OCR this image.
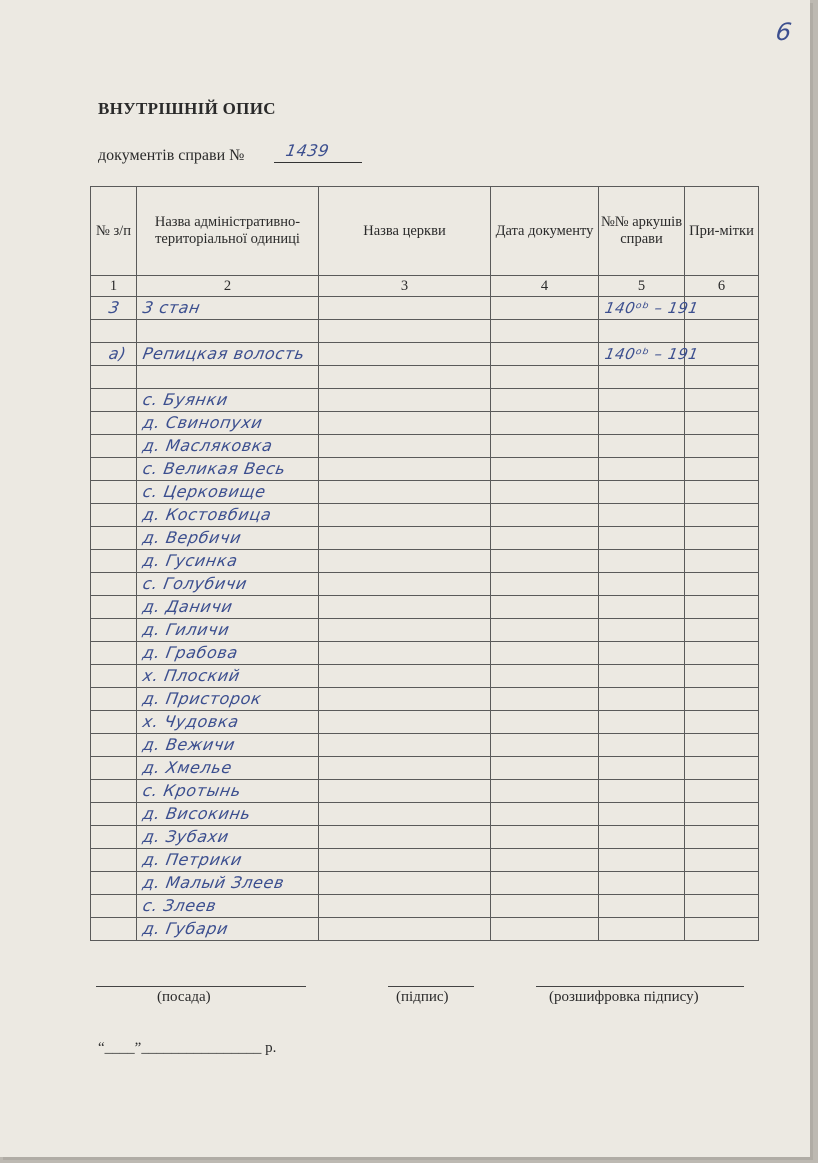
6
ВНУТРІШНІЙ ОПИС
документів справи №	1439
№ з/п	Назва адміністративно-територіальної одиниці	Назва церкви	Дата документу	№№ аркушів справи	При-мітки
1	2	3	4	5	6
3	3 стан			140ᵒᵇ – 191	

а)	Репицкая волость			140ᵒᵇ – 191	

	с. Буянки				
	д. Свинопухи				
	д. Масляковка				
	с. Великая Весь				
	с. Церковище				
	д. Костовбица				
	д. Вербичи				
	д. Гусинка				
	с. Голубичи				
	д. Даничи				
	д. Гиличи				
	д. Грабова				
	х. Плоский				
	д. Присторок				
	х. Чудовка				
	д. Вежичи				
	д. Хмелье				
	с. Кротынь				
	д. Високинь				
	д. Зубахи				
	д. Петрики				
	д. Малый Злеев				
	с. Злеев				
	д. Губари				
(посада)	(підпис)	(розшифровка підпису)
“____”________________ р.
